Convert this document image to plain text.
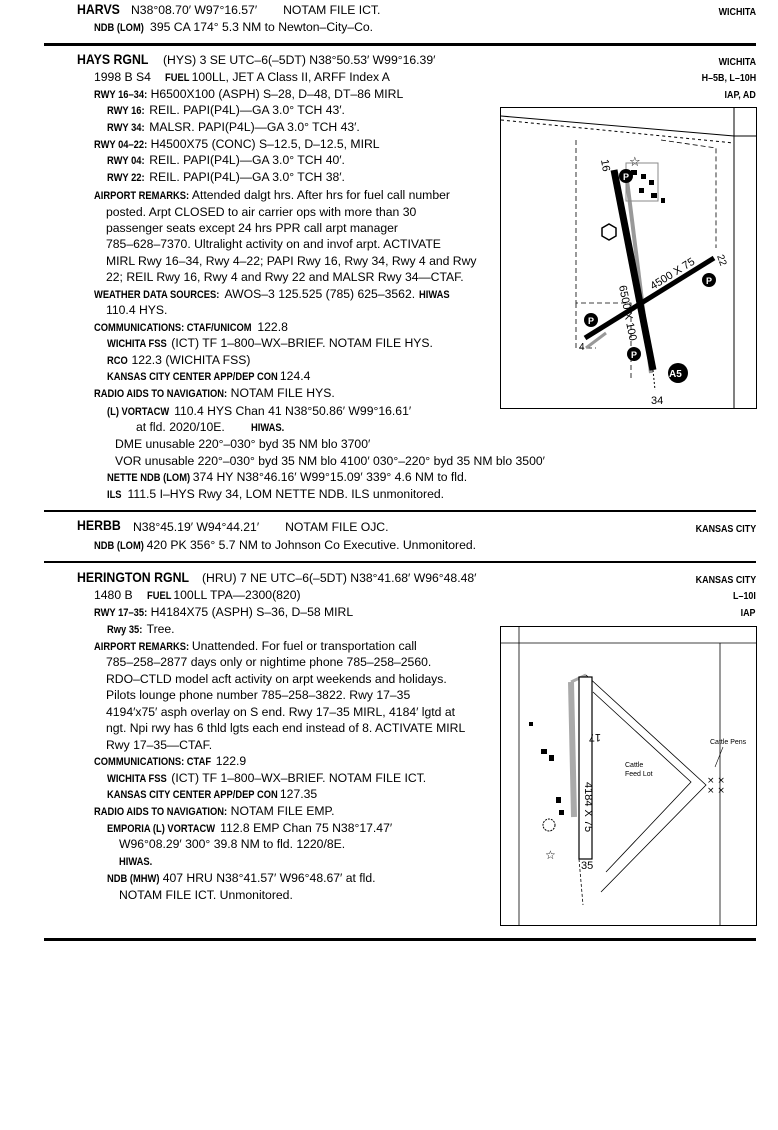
HARVS N38°08.70′ W97°16.57′ NOTAM FILE ICT.	WICHITA
NDB (LOM) 395 CA 174° 5.3 NM to Newton–City–Co.
HAYS RGNL	(HYS) 3 SE UTC–6(–5DT) N38°50.53′ W99°16.39′	WICHITA
H–5B, L–10H
IAP, AD
1998 B S4 FUEL 100LL, JET A Class II, ARFF Index A
RWY 16–34: H6500X100 (ASPH) S–28, D–48, DT–86 MIRL
RWY 16: REIL. PAPI(P4L)—GA 3.0° TCH 43′.
RWY 34: MALSR. PAPI(P4L)—GA 3.0° TCH 43′.
RWY 04–22: H4500X75 (CONC) S–12.5, D–12.5, MIRL
RWY 04: REIL. PAPI(P4L)—GA 3.0° TCH 40′.
RWY 22: REIL. PAPI(P4L)—GA 3.0° TCH 38′.
AIRPORT REMARKS: Attended dalgt hrs. After hrs for fuel call number
posted. Arpt CLOSED to air carrier ops with more than 30
passenger seats except 24 hrs PPR call arpt manager
785–628–7370. Ultralight activity on and invof arpt. ACTIVATE
MIRL Rwy 16–34, Rwy 4–22; PAPI Rwy 16, Rwy 34, Rwy 4 and Rwy
22; REIL Rwy 16, Rwy 4 and Rwy 22 and MALSR Rwy 34—CTAF.
WEATHER DATA SOURCES: AWOS–3 125.525 (785) 625–3562. HIWAS
110.4 HYS.
COMMUNICATIONS: CTAF/UNICOM 122.8
WICHITA FSS (ICT) TF 1–800–WX–BRIEF. NOTAM FILE HYS.
RCO 122.3 (WICHITA FSS)
KANSAS CITY CENTER APP/DEP CON 124.4
RADIO AIDS TO NAVIGATION: NOTAM FILE HYS.
(L) VORTACW 110.4 HYS Chan 41 N38°50.86′ W99°16.61′
at fld. 2020/10E. HIWAS.
DME unusable 220°–030° byd 35 NM blo 3700′
VOR unusable 220°–030° byd 35 NM blo 4100′ 030°–220° byd 35 NM blo 3500′
NETTE NDB (LOM) 374 HY N38°46.16′ W99°15.09′ 339° 4.6 NM to fld.
ILS 111.5 I–HYS Rwy 34, LOM NETTE NDB. ILS unmonitored.
☆
P
P
P
P
A5
6500 X 100
4500 X 75
16
34
4
22
HERBB N38°45.19′ W94°44.21′ NOTAM FILE OJC.	KANSAS CITY
NDB (LOM) 420 PK 356° 5.7 NM to Johnson Co Executive. Unmonitored.
HERINGTON RGNL	(HRU) 7 NE UTC–6(–5DT) N38°41.68′ W96°48.48′	KANSAS CITY
L–10I
IAP
1480 B FUEL 100LL TPA—2300(820)
RWY 17–35: H4184X75 (ASPH) S–36, D–58 MIRL
Rwy 35: Tree.
AIRPORT REMARKS: Unattended. For fuel or transportation call
785–258–2877 days only or nightime phone 785–258–2560.
RDO–CTLD model acft activity on arpt weekends and holidays.
Pilots lounge phone number 785–258–3822. Rwy 17–35
4194′x75′ asph overlay on S end. Rwy 17–35 MIRL, 4184′ lgtd at
ngt. Npi rwy has 6 thld lgts each end instead of 8. ACTIVATE MIRL
Rwy 17–35—CTAF.
COMMUNICATIONS: CTAF 122.9
WICHITA FSS (ICT) TF 1–800–WX–BRIEF. NOTAM FILE ICT.
KANSAS CITY CENTER APP/DEP CON 127.35
RADIO AIDS TO NAVIGATION: NOTAM FILE EMP.
EMPORIA (L) VORTACW 112.8 EMP Chan 75 N38°17.47′
W96°08.29′ 300° 39.8 NM to fld. 1220/8E.
HIWAS.
NDB (MHW) 407 HRU N38°41.57′ W96°48.67′ at fld.
NOTAM FILE ICT. Unmonitored.
☆
4184 X 75
17
35
Cattle Pens
Cattle
Feed Lot
× ×
× ×
